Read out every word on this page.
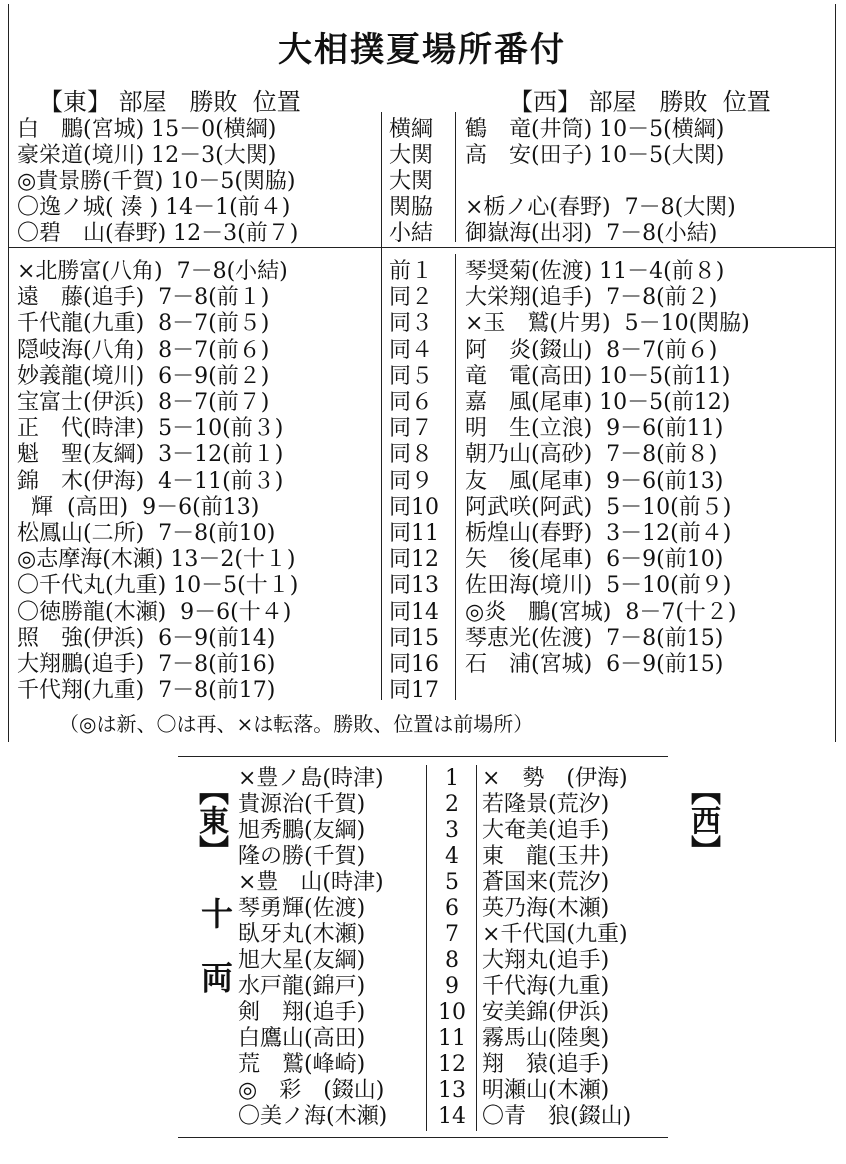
大相撲夏場所番付
【東】 部屋   勝敗  位置	【西】 部屋   勝敗  位置
白　鵬(宮城) 15－0(横綱)	横綱 鶴　竜(井筒) 10－5(横綱)
豪栄道(境川) 12－3(大関)	大関 高　安(田子) 10－5(大関)
◎貴景勝(千賀) 10－5(関脇)	大関
〇逸ノ城( 湊 ) 14－1(前４)	関脇 ×栃ノ心(春野)  7－8(大関)
〇碧　山(春野) 12－3(前７)	小結 御嶽海(出羽)  7－8(小結)
×北勝富(八角)  7－8(小結)	前１ 琴奨菊(佐渡) 11－4(前８)
遠　藤(追手)  7－8(前１)	同２ 大栄翔(追手)  7－8(前２)
千代龍(九重)  8－7(前５)	同３ ×玉　鷲(片男)  5－10(関脇)
隠岐海(八角)  8－7(前６)	同４ 阿　炎(錣山)  8－7(前６)
妙義龍(境川)  6－9(前２)	同５ 竜　電(高田) 10－5(前11)
宝富士(伊浜)  8－7(前７)	同６ 嘉　風(尾車) 10－5(前12)
正　代(時津)  5－10(前３)	同７ 明　生(立浪)  9－6(前11)
魁　聖(友綱)  3－12(前１)	同８ 朝乃山(高砂)  7－8(前８)
錦　木(伊海)  4－11(前３)	同９ 友　風(尾車)  9－6(前13)
輝  (高田)  9－6(前13)	同10 阿武咲(阿武)  5－10(前５)
松鳳山(二所)  7－8(前10)	同11 栃煌山(春野)  3－12(前４)
◎志摩海(木瀬) 13－2(十１)	同12 矢　後(尾車)  6－9(前10)
〇千代丸(九重) 10－5(十１)	同13 佐田海(境川)  5－10(前９)
〇徳勝龍(木瀬)  9－6(十４)	同14 ◎炎　鵬(宮城)  8－7(十２)
照　強(伊浜)  6－9(前14)	同15 琴恵光(佐渡)  7－8(前15)
大翔鵬(追手)  7－8(前16)	同16 石　浦(宮城)  6－9(前15)
千代翔(九重)  7－8(前17)	同17
（◎は新、〇は再、×は転落。勝敗、位置は前場所）
【東】
十　両
【西】
×豊ノ島(時津)	1	×　勢　(伊海)
貴源治(千賀)	2	若隆景(荒汐)
旭秀鵬(友綱)	3	大奄美(追手)
隆の勝(千賀)	4	東　龍(玉井)
×豊　山(時津)	5	蒼国来(荒汐)
琴勇輝(佐渡)	6	英乃海(木瀬)
臥牙丸(木瀬)	7	×千代国(九重)
旭大星(友綱)	8	大翔丸(追手)
水戸龍(錦戸)	9	千代海(九重)
剣　翔(追手)	10 安美錦(伊浜)
白鷹山(高田)	11 霧馬山(陸奥)
荒　鷲(峰崎)	12 翔　猿(追手)
◎　彩　(錣山)	13 明瀬山(木瀬)
〇美ノ海(木瀬)	14 〇青　狼(錣山)
